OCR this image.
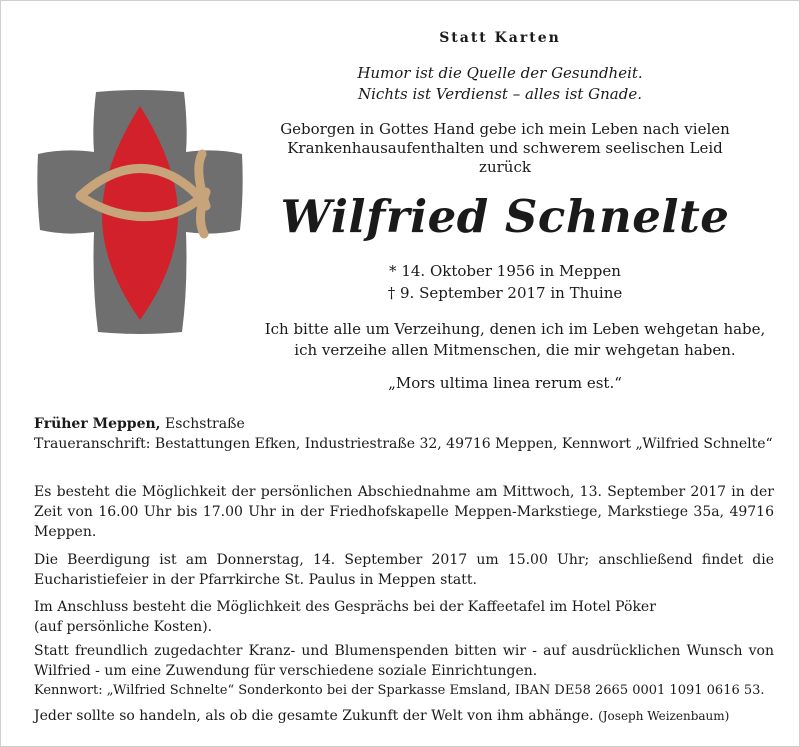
Statt Karten

Humor ist die Quelle der Gesundheit.

Nichts ist Verdienst – alles ist Gnade.

Geborgen in Gottes Hand gebe ich mein Leben nach vielen

Krankenhausaufenthalten und schwerem seelischen Leid

zurück

Wilfried Schnelte

* 14. Oktober 1956 in Meppen

† 9. September 2017 in Thuine

Ich bitte alle um Verzeihung, denen ich im Leben wehgetan habe,

ich verzeihe allen Mitmenschen, die mir wehgetan haben.

„Mors ultima linea rerum est.“

Früher Meppen, Eschstraße

Traueranschrift: Bestattungen Efken, Industriestraße 32, 49716 Meppen, Kennwort „Wilfried Schnelte“

Es besteht die Möglichkeit der persönlichen Abschiednahme am Mittwoch, 13. September 2017 in der Zeit von 16.00 Uhr bis 17.00 Uhr in der Friedhofskapelle Meppen-Markstiege, Markstiege 35a, 49716 Meppen.

Die Beerdigung ist am Donnerstag, 14. September 2017 um 15.00 Uhr; anschließend findet die Eucharistiefeier in der Pfarrkirche St. Paulus in Meppen statt.

Im Anschluss besteht die Möglichkeit des Gesprächs bei der Kaffeetafel im Hotel Pöker

(auf persönliche Kosten).

Statt freundlich zugedachter Kranz- und Blumenspenden bitten wir - auf ausdrücklichen Wunsch von Wilfried - um eine Zuwendung für verschiedene soziale Einrichtungen.

Kennwort: „Wilfried Schnelte“ Sonderkonto bei der Sparkasse Emsland, IBAN DE58 2665 0001 1091 0616 53.

Jeder sollte so handeln, als ob die gesamte Zukunft der Welt von ihm abhänge. (Joseph Weizenbaum)
